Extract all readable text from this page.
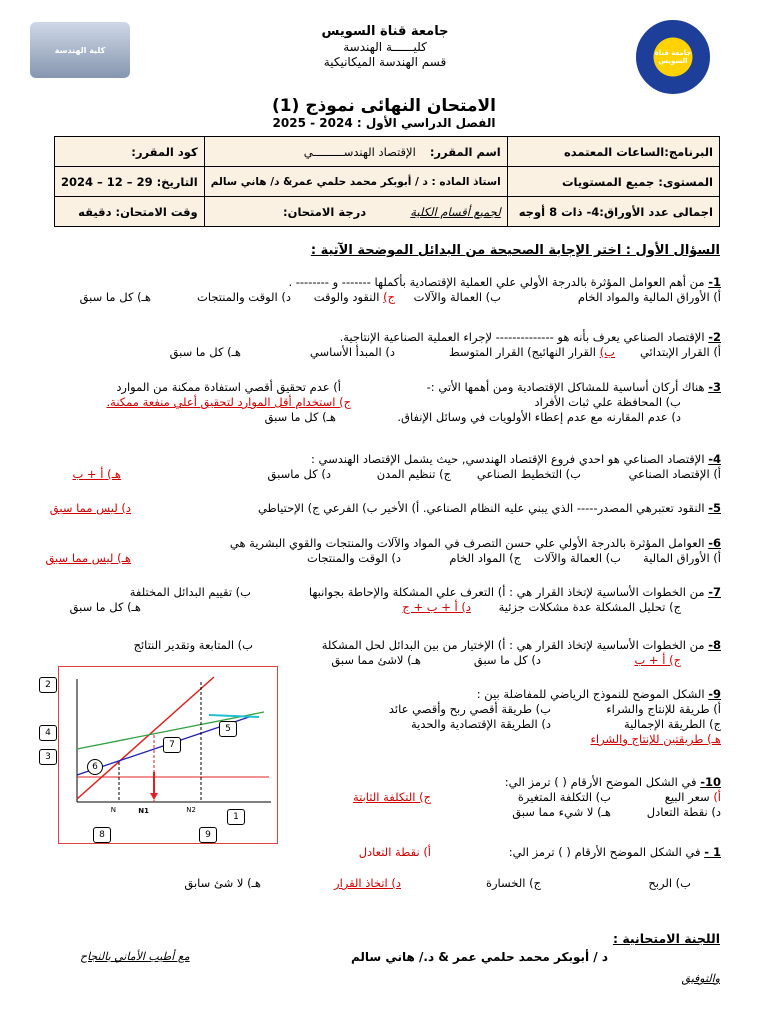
كلية الهندسة	جامعة قناة السويس
جامعة قناة السويس
كليــــــة الهندسة
قسم الهندسة الميكانيكية
الامتحان النهائى نموذج (1)
الفصل الدراسي الأول : 2024 - 2025
البرنامج:الساعات المعتمده	اسم المقرر: الإقتصاد الهندســـــــــي	كود المقرر:
المستوى: جميع المستويات	استاذ الماده : د / أبوبكر محمد حلمي عمر& د/ هاني سالم	التاريخ: 29 – 12 – 2024
اجمالى عدد الأوراق:4- ذات 8 أوجه	لجميع أقسام الكلية درجة الامتحان:	وقت الامتحان: دقيقه
السؤال الأول : اختر الإجابة الصحيحة من البدائل الموضحة الآتية :
1- من أهم العوامل المؤثرة بالدرجة الأولي علي العملية الإقتصادية بأكملها ------- و -------- .
أ) الأوراق المالية والمواد الخام
ب) العمالة والآلات
ج) النقود والوقت
د) الوقت والمنتجات
هـ) كل ما سبق
2- الإقتصاد الصناعي يعرف بأنه هو -------------- لإجراء العملية الصناعية الإنتاجية.
أ) القرار الإبتدائي
ب) القرار النهائيج) القرار المتوسط
د) المبدأ الأساسي
هـ) كل ما سبق
3- هناك أركان أساسية للمشاكل الإقتصادية ومن أهمها الأتي :-
أ) عدم تحقيق أقصي استفادة ممكنة من الموارد
ب) المحافظة علي ثبات الأفراد
ج) استخدام أقل الموارد لتحقيق أعلي منفعة ممكنة.
د) عدم المقارنه مع عدم إعطاء الأولويات في وسائل الإنفاق.
هـ) كل ما سبق
4- الإقتصاد الصناعي هو احدي فروع الإقتصاد الهندسي, حيث يشمل الإقتصاد الهندسي :
أ) الإقتصاد الصناعي
ب) التخطيط الصناعي
ج) تنظيم المدن
د) كل ماسبق
هـ) أ + ب
5- النقود تعتبرهي المصدر----- الذي يبني عليه النظام الصناعي. أ) الأخير ب) الفرعي ج) الإحتياطي
د) ليس مما سبق
6- العوامل المؤثرة بالدرجة الأولي علي حسن التصرف في المواد والآلات والمنتجات والقوي البشرية هي
أ) الأوراق المالية
ب) العمالة والآلات
ج) المواد الخام
د) الوقت والمنتجات
هـ) ليس مما سبق
7- من الخطوات الأساسية لإتخاذ القرار هي : أ) التعرف علي المشكلة والإحاطة بجوانبها
ب) تقييم البدائل المختلفة
ج) تحليل المشكلة عدة مشكلات جزئية
د) أ + ب + ج
هـ) كل ما سبق
8- من الخطوات الأساسية لإتخاذ القرار هي : أ) الإختيار من بين البدائل لحل المشكلة
ب) المتابعة وتقدير النتائج
ج) أ + ب
د) كل ما سبق
هـ) لاشئ مما سبق
9- الشكل الموضح للنموذج الرياضي للمفاضلة بين :
أ) طريقة للإنتاج والشراء
ب) طريقة أقصي ربح وأقصي عائد
ج) الطريقة الإجمالية
د) الطريقة الإقتصادية والحدية
هـ) طريقتين للإنتاج والشراء
10- في الشكل الموضح الأرقام ( ) ترمز الي:
أ) سعر البيع
ب) التكلفة المتغيرة
ج) التكلفة الثابتة
د) نقطة التعادل
هـ) لا شيء مما سبق
1 - في الشكل الموضح الأرقام ( ) ترمز الي:
أ) نقطة التعادل
ب) الربح
ج) الخسارة
د) اتخاذ القرار
هـ) لا شئ سابق
N	N1	N2
2
5
4
7
3
6
1
8	9
اللجنة الامتحانية :
د / أبوبكر محمد حلمي عمر & د./ هاني سالم
مع أطيب الأماني بالنجاح
والتوفيق
